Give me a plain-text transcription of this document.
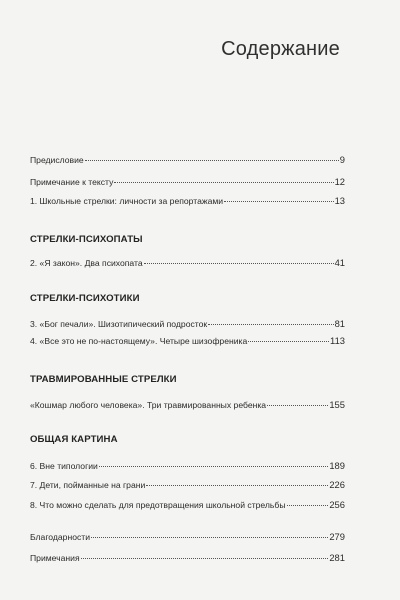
Содержание
Предисловие	9
Примечание к тексту	12
1. Школьные стрелки: личности за репортажами	13
СТРЕЛКИ-ПСИХОПАТЫ
2. «Я закон». Два психопата	41
СТРЕЛКИ-ПСИХОТИКИ
3. «Бог печали». Шизотипический подросток	81
4. «Все это не по-настоящему». Четыре шизофреника	113
ТРАВМИРОВАННЫЕ СТРЕЛКИ
«Кошмар любого человека». Три травмированных ребенка	155
ОБЩАЯ КАРТИНА
6. Вне типологии	189
7. Дети, пойманные на грани	226
8. Что можно сделать для предотвращения школьной стрельбы	256
Благодарности	279
Примечания	281
